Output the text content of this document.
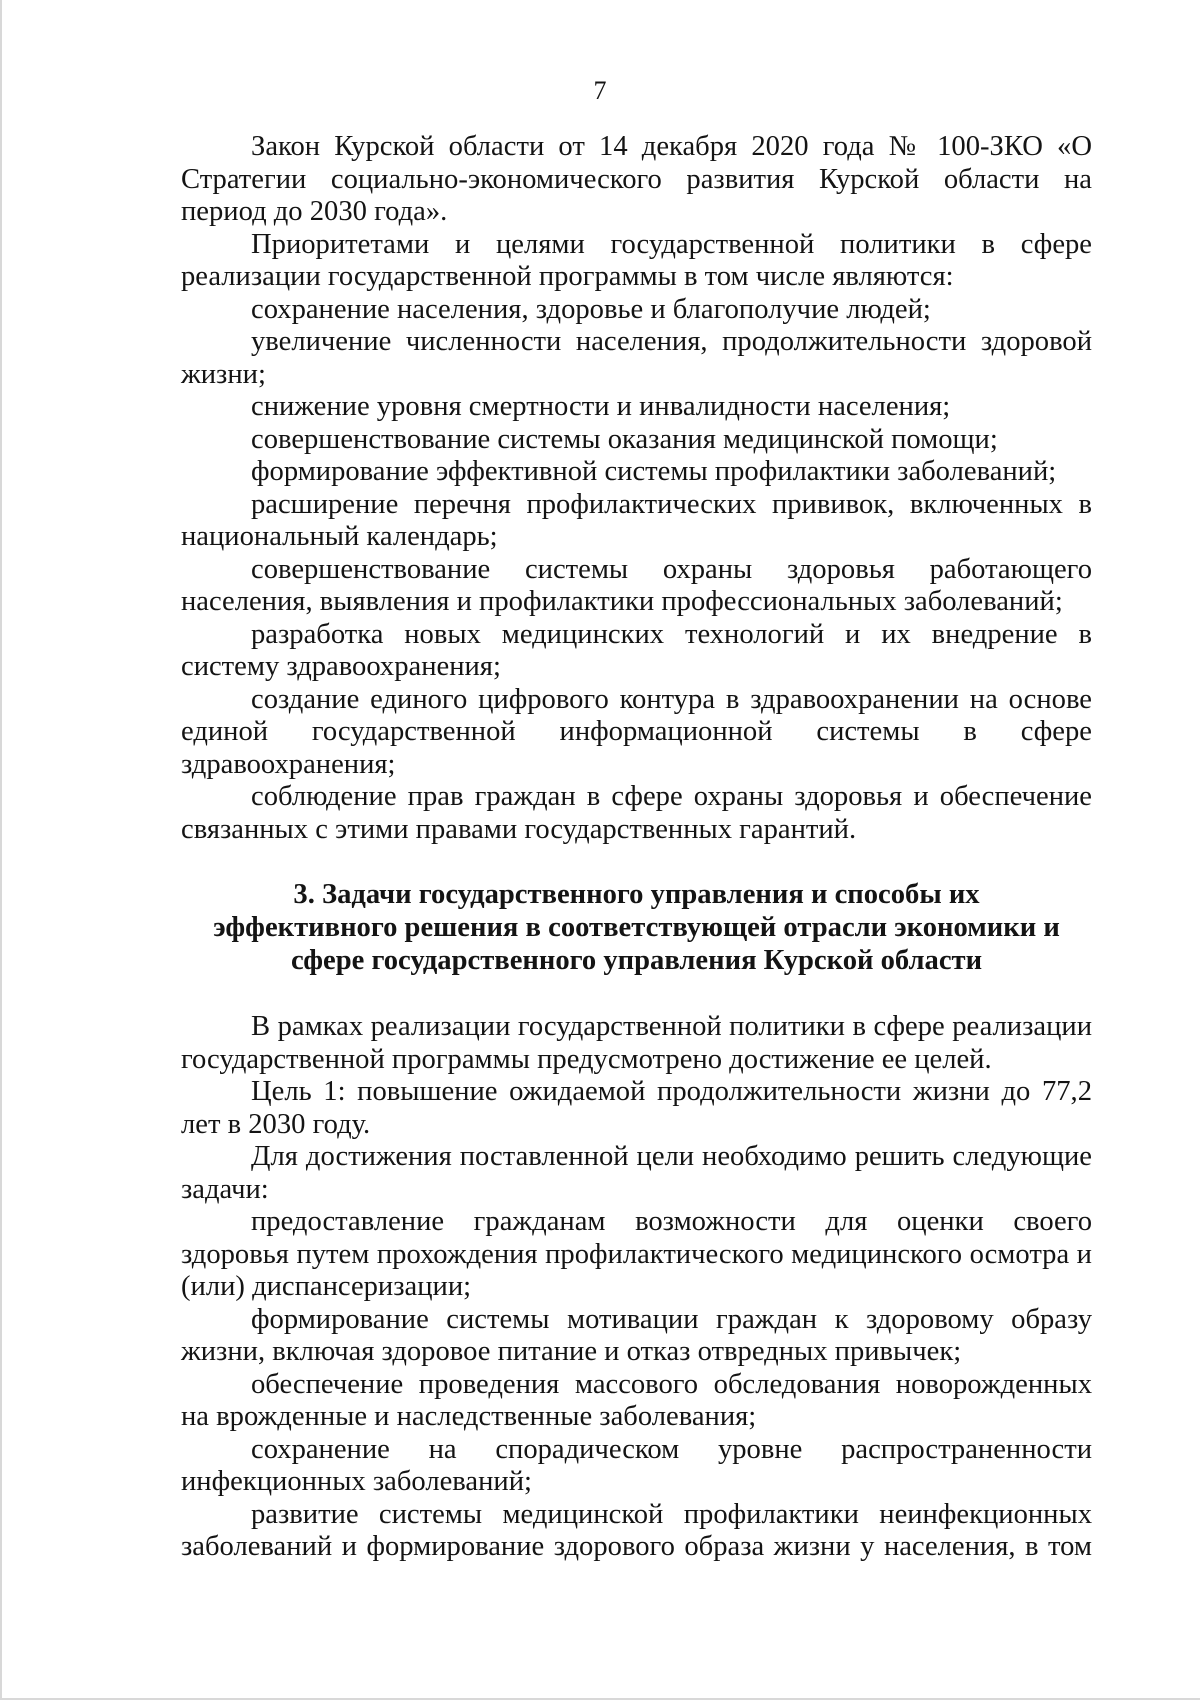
7

Закон Курской области от 14 декабря 2020 года № 100-ЗКО «О Стратегии социально-экономического развития Курской области на период до 2030 года».

Приоритетами и целями государственной политики в сфере реализации государственной программы в том числе являются:

сохранение населения, здоровье и благополучие людей;

увеличение численности населения, продолжительности здоровой жизни;

снижение уровня смертности и инвалидности населения;

совершенствование системы оказания медицинской помощи;

формирование эффективной системы профилактики заболеваний;

расширение перечня профилактических прививок, включенных в национальный календарь;

совершенствование системы охраны здоровья работающего населения, выявления и профилактики профессиональных заболеваний;

разработка новых медицинских технологий и их внедрение в систему здравоохранения;

создание единого цифрового контура в здравоохранении на основе единой государственной информационной системы в сфере здравоохранения;

соблюдение прав граждан в сфере охраны здоровья и обеспечение связанных с этими правами государственных гарантий.

3. Задачи государственного управления и способы их
эффективного решения в соответствующей отрасли экономики и
сфере государственного управления Курской области

В рамках реализации государственной политики в сфере реализации государственной программы предусмотрено достижение ее целей.

Цель 1: повышение ожидаемой продолжительности жизни до 77,2 лет в 2030 году.

Для достижения поставленной цели необходимо решить следующие задачи:

предоставление гражданам возможности для оценки своего здоровья путем прохождения профилактического медицинского осмотра и (или) диспансеризации;

формирование системы мотивации граждан к здоровому образу жизни, включая здоровое питание и отказ отвредных привычек;

обеспечение проведения массового обследования новорожденных на врожденные и наследственные заболевания;

сохранение на спорадическом уровне распространенности инфекционных заболеваний;

развитие системы медицинской профилактики неинфекционных заболеваний и формирование здорового образа жизни у населения, в том
